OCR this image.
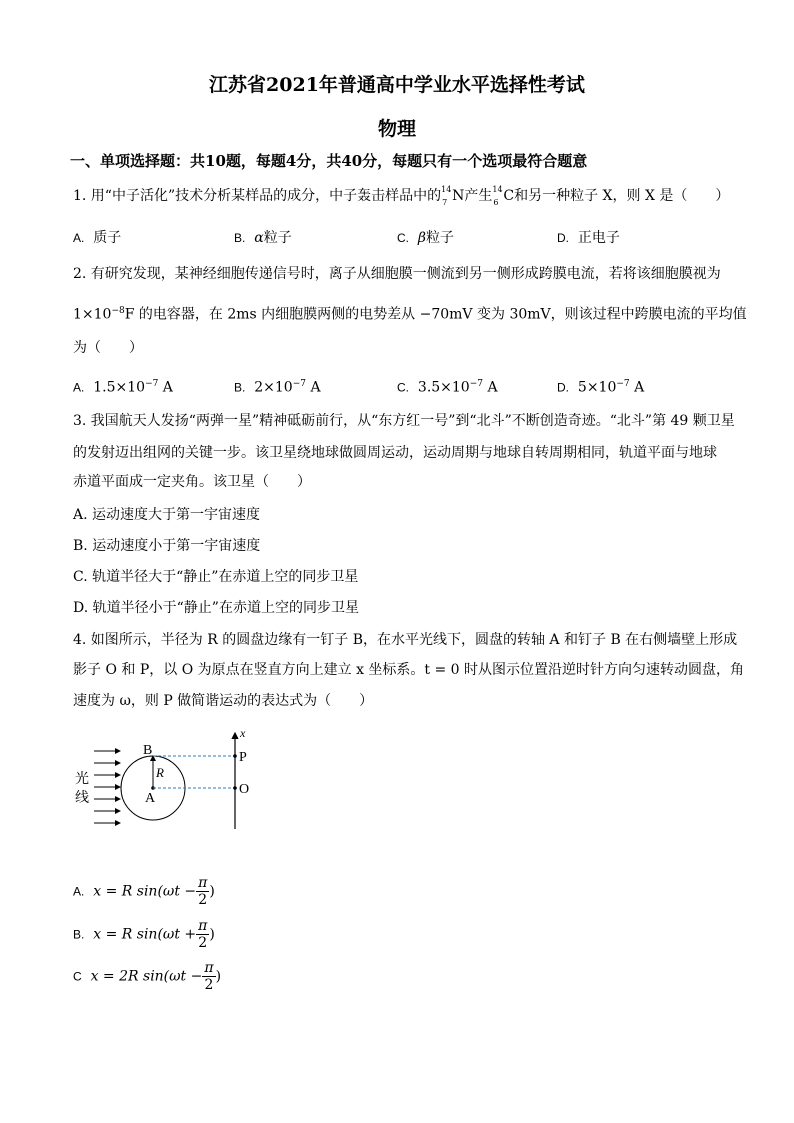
江苏省2021年普通高中学业水平选择性考试
物理
一、单项选择题：共10题，每题4分，共40分，每题只有一个选项最符合题意
1. 用“中子活化”技术分析某样品的成分，中子轰击样品中的 14
7 N产生 14
6 C和另一种粒子 X，则 X 是（　　）
A. 质子	B. α粒子	C. β粒子	D. 正电子
2. 有研究发现，某神经细胞传递信号时，离子从细胞膜一侧流到另一侧形成跨膜电流，若将该细胞膜视为
$1\times 10^{-8}F$ 的电容器，在 2ms 内细胞膜两侧的电势差从 −70mV 变为 30mV，则该过程中跨膜电流的平均值
为（　　）
A. $1.5\times 10^{-7}$ A	B. $2\times 10^{-7}$ A	C. $3.5\times 10^{-7}$ A	D. $5\times 10^{-7}$ A
3. 我国航天人发扬“两弹一星”精神砥砺前行，从“东方红一号”到“北斗”不断创造奇迹。“北斗”第 49 颗卫星
的发射迈出组网的关键一步。该卫星绕地球做圆周运动，运动周期与地球自转周期相同，轨道平面与地球
赤道平面成一定夹角。该卫星（　　）
A. 运动速度大于第一宇宙速度
B. 运动速度小于第一宇宙速度
C. 轨道半径大于“静止”在赤道上空的同步卫星
D. 轨道半径小于“静止”在赤道上空的同步卫星
4. 如图所示，半径为 R 的圆盘边缘有一钉子 B，在水平光线下，圆盘的转轴 A 和钉子 B 在右侧墙壁上形成
影子 O 和 P，以 O 为原点在竖直方向上建立 x 坐标系。t = 0 时从图示位置沿逆时针方向匀速转动圆盘，角
速度为 ω，则 P 做简谐运动的表达式为（　　）
x
B	P
R
A
O
光
线
A. x = R $\sin(\omega t - \frac{\pi}{2}$ )
B. x = R $\sin(\omega t + \frac{\pi}{2}$ )
C x = 2R $\sin(\omega t - \frac{\pi}{2}$ )
